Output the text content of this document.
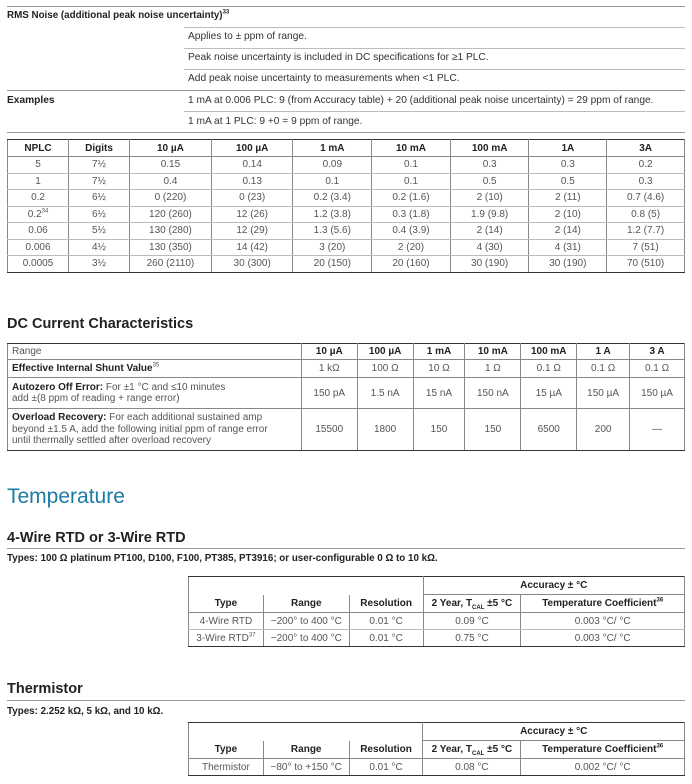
RMS Noise (additional peak noise uncertainty)$^{33}$
Applies to ± ppm of range.
Peak noise uncertainty is included in DC specifications for ≥1 PLC.
Add peak noise uncertainty to measurements when <1 PLC.
Examples	1 mA at 0.006 PLC: 9 (from Accuracy table) + 20 (additional peak noise uncertainty) = 29 ppm of range.
1 mA at 1 PLC: 9 +0 = 9 ppm of range.
NPLC	Digits	10 µA	100 µA	1 mA	10 mA	100 mA	1A	3A
5	7½	0.15	0.14	0.09	0.1	0.3	0.3	0.2
1	7½	0.4	0.13	0.1	0.1	0.5	0.5	0.3
0.2	6½	0 (220)	0 (23)	0.2 (3.4)	0.2 (1.6)	2 (10)	2 (11)	0.7 (4.6)
$0.2^{34}$	6½	120 (260)	12 (26)	1.2 (3.8)	0.3 (1.8)	1.9 (9.8)	2 (10)	0.8 (5)
0.06	5½	130 (280)	12 (29)	1.3 (5.6)	0.4 (3.9)	2 (14)	2 (14)	1.2 (7.7)
0.006	4½	130 (350)	14 (42)	3 (20)	2 (20)	4 (30)	4 (31)	7 (51)
0.0005	3½	260 (2110)	30 (300)	20 (150)	20 (160)	30 (190)	30 (190)	70 (510)
DC Current Characteristics
Range	10 µA	100 µA	1 mA	10 mA	100 mA	1 A	3 A
Effective Internal Shunt Value$^{35}$	1 kΩ	100 Ω	10 Ω	1 Ω	0.1 Ω	0.1 Ω	0.1 Ω
Autozero Off Error: For ±1 °C and ≤10 minutes
add ±(8 ppm of reading + range error)	150 pA	1.5 nA	15 nA	150 nA	15 µA	150 µA	150 µA
Overload Recovery: For each additional sustained amp
beyond ±1.5 A, add the following initial ppm of range error
until thermally settled after overload recovery	15500	1800	150	150	6500	200	—
Temperature
4-Wire RTD or 3-Wire RTD
Types: 100 Ω platinum PT100, D100, F100, PT385, PT3916; or user-configurable 0 Ω to 10 kΩ.
			Accuracy ± °C	
Type	Range	Resolution	2 Year, $T_{CAL} \pm 5$ °C	Temperature Coefficient$^{36}$
4-Wire RTD	−200° to 400 °C	0.01 °C	0.09 °C	0.003 °C/ °C
3-Wire $RTD^{37}$	−200° to 400 °C	0.01 °C	0.75 °C	0.003 °C/ °C
Thermistor
Types: 2.252 kΩ, 5 kΩ, and 10 kΩ.
			Accuracy ± °C	
Type	Range	Resolution	2 Year, $T_{CAL} \pm 5$ °C	Temperature Coefficient$^{36}$
Thermistor	−80° to +150 °C	0.01 °C	0.08 °C	0.002 °C/ °C
